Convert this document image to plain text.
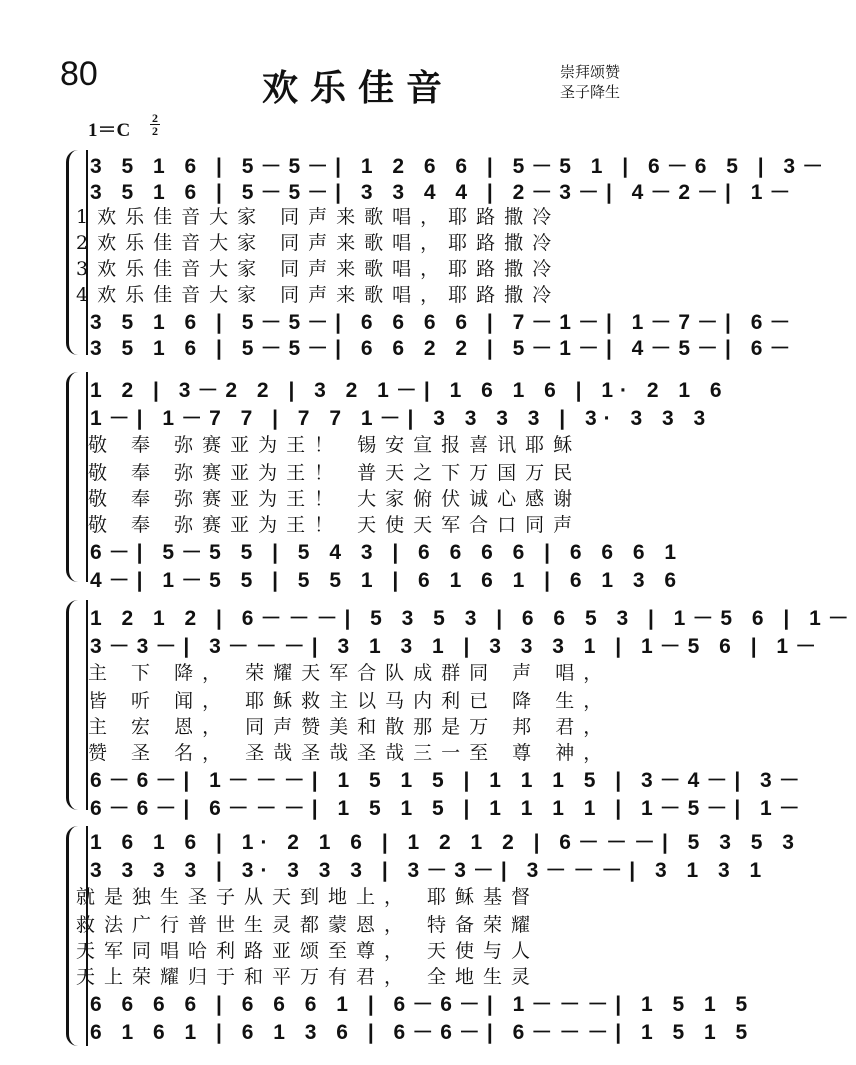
80	欢乐佳音	崇拜颂赞
圣子降生
1＝C
2
2
3 5 1 6 | 5－5－| 1 2 6 6 | 5－5 1 | 6－6 5 | 3－
3 5 1 6 | 5－5－| 3 3 4 4 | 2－3－| 4－2－| 1－
1欢乐佳音大家 同声来歌唱，耶路撒冷
2欢乐佳音大家 同声来歌唱，耶路撒冷
3欢乐佳音大家 同声来歌唱，耶路撒冷
4欢乐佳音大家 同声来歌唱，耶路撒冷
3 5 1 6 | 5－5－| 6 6 6 6 | 7－1－| 1－7－| 6－
3 5 1 6 | 5－5－| 6 6 2 2 | 5－1－| 4－5－| 6－
1 2 | 3－2 2 | 3 2 1－| 1 6 1 6 | 1· 2 1 6
1－| 1－7 7 | 7 7 1－| 3 3 3 3 | 3· 3 3 3
敬 奉 弥赛亚为王！ 锡安宣报喜讯耶稣
敬 奉 弥赛亚为王！ 普天之下万国万民
敬 奉 弥赛亚为王！ 大家俯伏诚心感谢
敬 奉 弥赛亚为王！ 天使天军合口同声
6－| 5－5 5 | 5 4 3 | 6 6 6 6 | 6 6 6 1
4－| 1－5 5 | 5 5 1 | 6 1 6 1 | 6 1 3 6
1 2 1 2 | 6－－－| 5 3 5 3 | 6 6 5 3 | 1－5 6 | 1－
3－3－| 3－－－| 3 1 3 1 | 3 3 3 1 | 1－5 6 | 1－
主 下 降， 荣耀天军合队成群同 声 唱，
皆 听 闻， 耶稣救主以马内利已 降 生，
主 宏 恩， 同声赞美和散那是万 邦 君，
赞 圣 名， 圣哉圣哉圣哉三一至 尊 神，
6－6－| 1－－－| 1 5 1 5 | 1 1 1 5 | 3－4－| 3－
6－6－| 6－－－| 1 5 1 5 | 1 1 1 1 | 1－5－| 1－
1 6 1 6 | 1· 2 1 6 | 1 2 1 2 | 6－－－| 5 3 5 3
3 3 3 3 | 3· 3 3 3 | 3－3－| 3－－－| 3 1 3 1
就是独生圣子从天到地上， 耶稣基督
救法广行普世生灵都蒙恩， 特备荣耀
天军同唱哈利路亚颂至尊， 天使与人
天上荣耀归于和平万有君， 全地生灵
6 6 6 6 | 6 6 6 1 | 6－6－| 1－－－| 1 5 1 5
6 1 6 1 | 6 1 3 6 | 6－6－| 6－－－| 1 5 1 5
